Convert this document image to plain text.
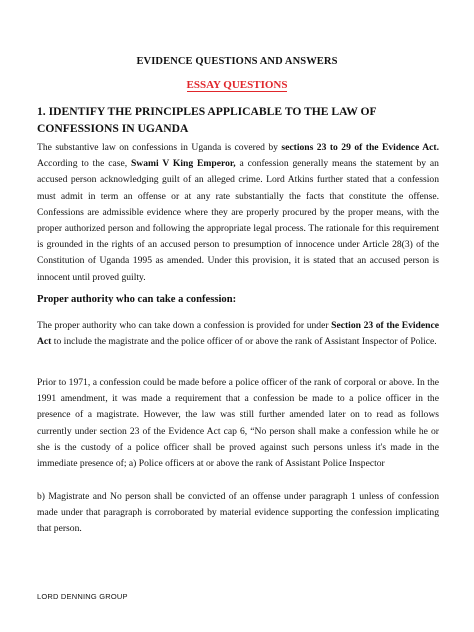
EVIDENCE QUESTIONS AND ANSWERS
ESSAY QUESTIONS
1. IDENTIFY THE PRINCIPLES APPLICABLE TO THE LAW OF CONFESSIONS IN UGANDA
The substantive law on confessions in Uganda is covered by sections 23 to 29 of the Evidence Act. According to the case, Swami V King Emperor, a confession generally means the statement by an accused person acknowledging guilt of an alleged crime. Lord Atkins further stated that a confession must admit in term an offense or at any rate substantially the facts that constitute the offense. Confessions are admissible evidence where they are properly procured by the proper means, with the proper authorized person and following the appropriate legal process. The rationale for this requirement is grounded in the rights of an accused person to presumption of innocence under Article 28(3) of the Constitution of Uganda 1995 as amended. Under this provision, it is stated that an accused person is innocent until proved guilty.
Proper authority who can take a confession:
The proper authority who can take down a confession is provided for under Section 23 of the Evidence Act to include the magistrate and the police officer of or above the rank of Assistant Inspector of Police.
Prior to 1971, a confession could be made before a police officer of the rank of corporal or above. In the 1991 amendment, it was made a requirement that a confession be made to a police officer in the presence of a magistrate. However, the law was still further amended later on to read as follows currently under section 23 of the Evidence Act cap 6, “No person shall make a confession while he or she is the custody of a police officer shall be proved against such persons unless it's made in the immediate presence of; a) Police officers at or above the rank of Assistant Police Inspector
b) Magistrate and No person shall be convicted of an offense under paragraph 1 unless of confession made under that paragraph is corroborated by material evidence supporting the confession implicating that person.
LORD DENNING GROUP
